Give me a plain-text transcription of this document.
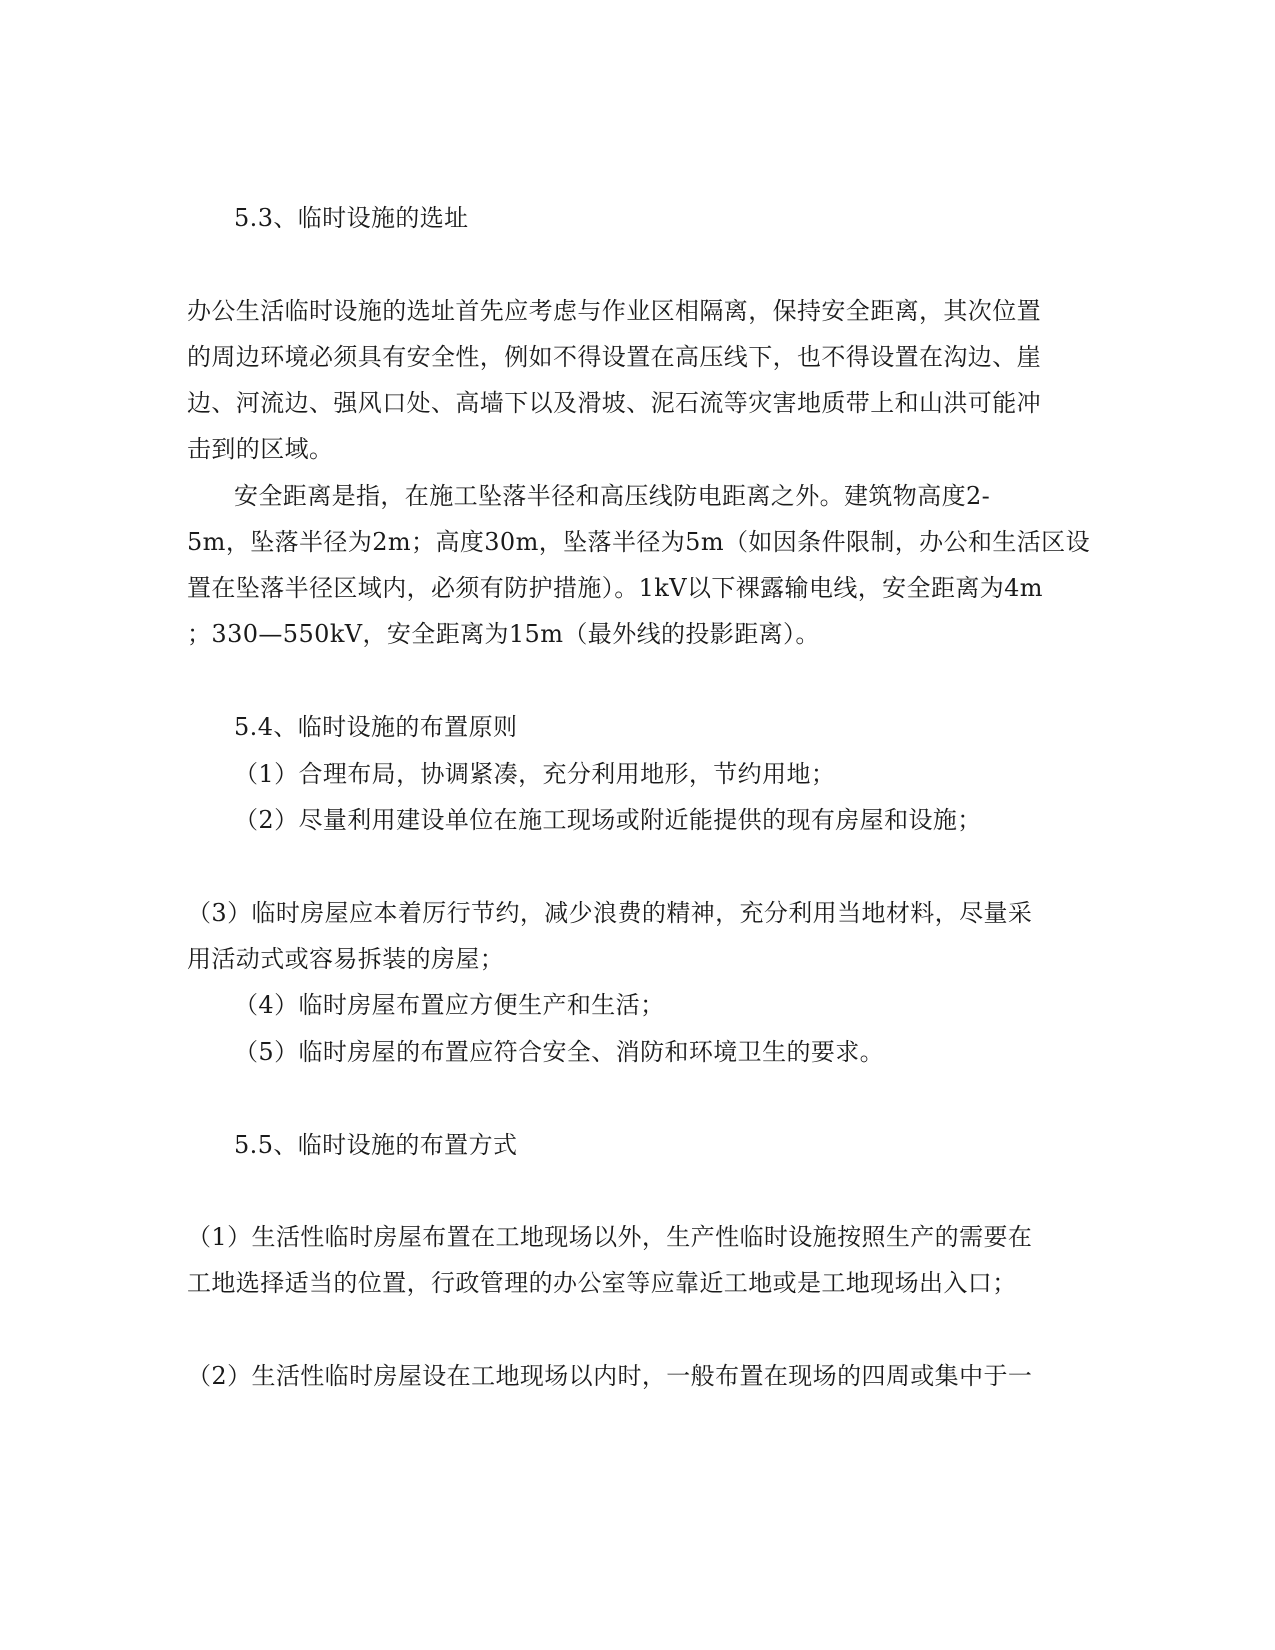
5.3、临时设施的选址
办公生活临时设施的选址首先应考虑与作业区相隔离，保持安全距离，其次位置
的周边环境必须具有安全性，例如不得设置在高压线下，也不得设置在沟边、崖
边、河流边、强风口处、高墙下以及滑坡、泥石流等灾害地质带上和山洪可能冲
击到的区域。
安全距离是指，在施工坠落半径和高压线防电距离之外。建筑物高度2-
5m，坠落半径为2m；高度30m，坠落半径为5m（如因条件限制，办公和生活区设
置在坠落半径区域内，必须有防护措施）。1kV以下裸露输电线，安全距离为4m
；330—550kV，安全距离为15m（最外线的投影距离）。
5.4、临时设施的布置原则
（1）合理布局，协调紧凑，充分利用地形，节约用地；
（2）尽量利用建设单位在施工现场或附近能提供的现有房屋和设施；
（3）临时房屋应本着厉行节约，减少浪费的精神，充分利用当地材料，尽量采
用活动式或容易拆装的房屋；
（4）临时房屋布置应方便生产和生活；
（5）临时房屋的布置应符合安全、消防和环境卫生的要求。
5.5、临时设施的布置方式
（1）生活性临时房屋布置在工地现场以外，生产性临时设施按照生产的需要在
工地选择适当的位置，行政管理的办公室等应靠近工地或是工地现场出入口；
（2）生活性临时房屋设在工地现场以内时，一般布置在现场的四周或集中于一
